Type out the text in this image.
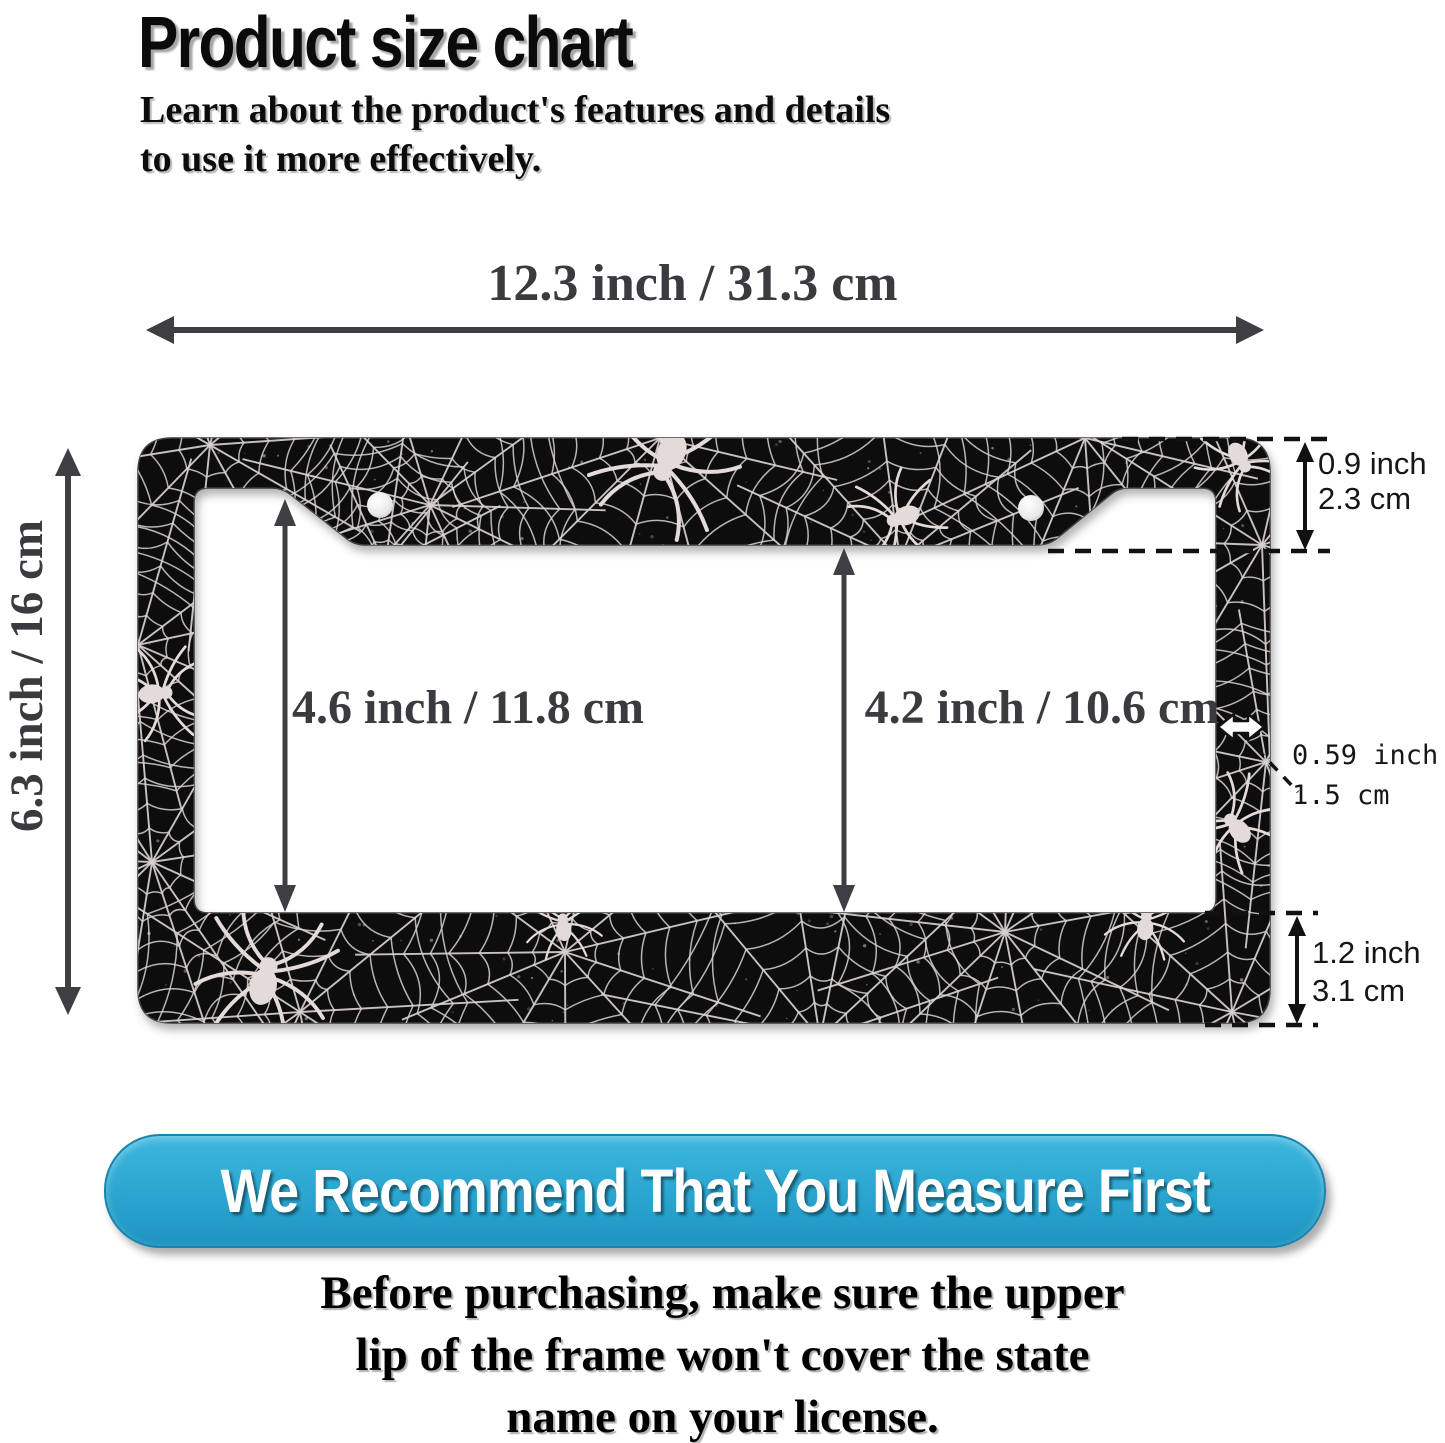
Product size chart
Learn about the product's features and details
to use it more effectively.
12.3 inch / 31.3 cm
6.3 inch / 16 cm	4.6 inch / 11.8 cm	4.2 inch / 10.6 cm
0.9 inch
2.3 cm
0.59 inch
1.5 cm
1.2 inch
3.1 cm
We Recommend That You Measure First
Before purchasing, make sure the upper
lip of the frame won't cover the state
name on your license.
